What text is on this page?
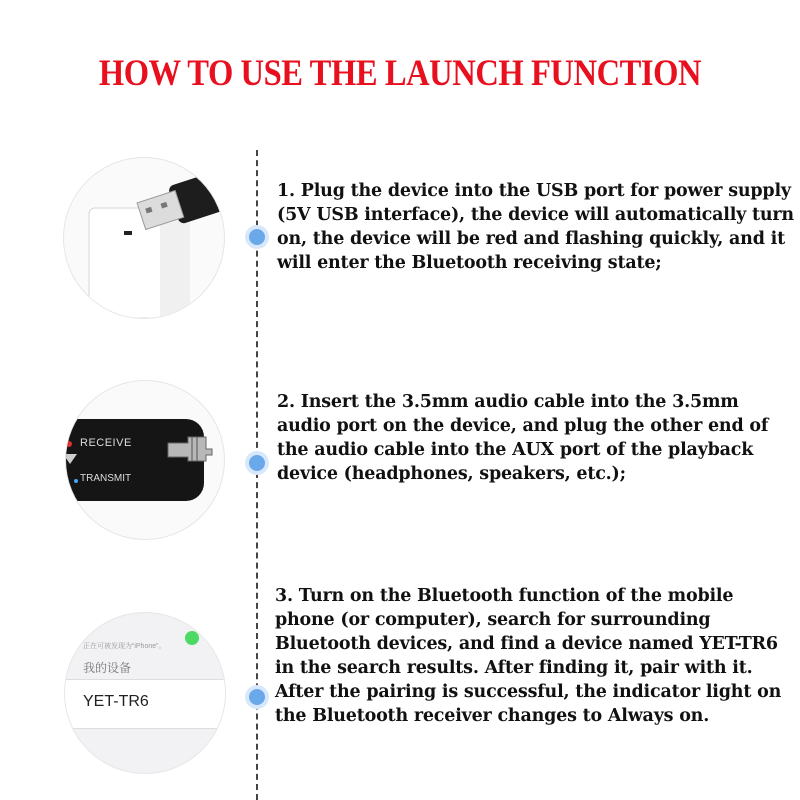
HOW TO USE THE LAUNCH FUNCTION
RECEIVE
TRANSMIT
正在可被发现为“iPhone”。
我的设备
YET-TR6
1. Plug the device into the USB port for power supply (5V USB interface), the device will automatically turn on, the device will be red and flashing quickly, and it will enter the Bluetooth receiving state;
2. Insert the 3.5mm audio cable into the 3.5mm audio port on the device, and plug the other end of the audio cable into the AUX port of the playback device (headphones, speakers, etc.);
3. Turn on the Bluetooth function of the mobile phone (or computer), search for surrounding Bluetooth devices, and find a device named YET-TR6 in the search results. After finding it, pair with it. After the pairing is successful, the indicator light on the Bluetooth receiver changes to Always on.
